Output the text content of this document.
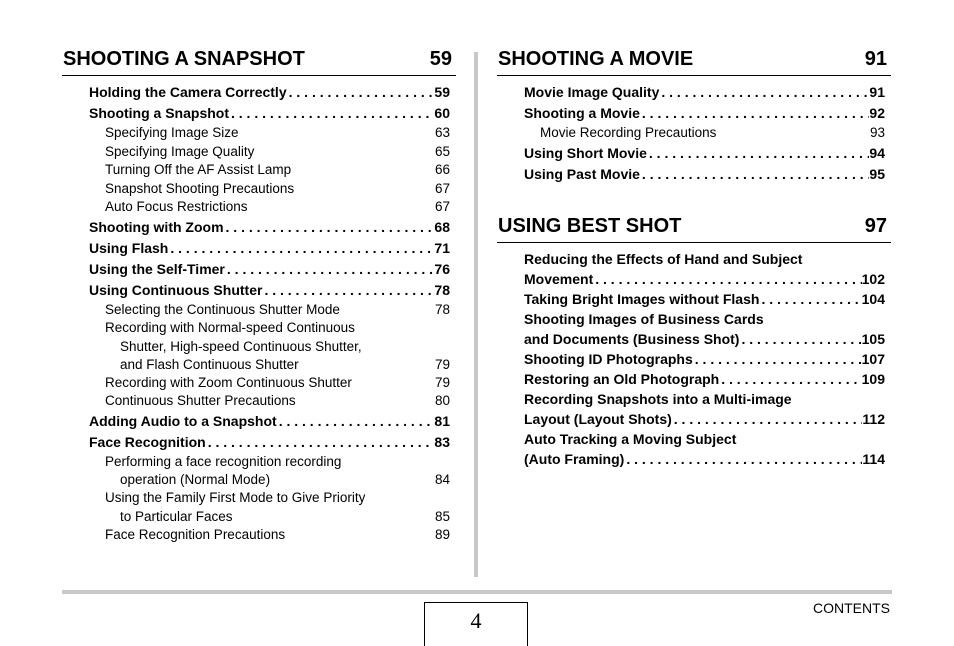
SHOOTING A SNAPSHOT	59
Holding the Camera Correctly . . .	59
Shooting a Snapshot . . .	60
Specifying Image Size	63
Specifying Image Quality	65
Turning Off the AF Assist Lamp	66
Snapshot Shooting Precautions	67
Auto Focus Restrictions	67
Shooting with Zoom . . .	68
Using Flash . . .	71
Using the Self-Timer . . .	76
Using Continuous Shutter . . .	78
Selecting the Continuous Shutter Mode	78
Recording with Normal-speed Continuous
Shutter, High-speed Continuous Shutter,
and Flash Continuous Shutter	79
Recording with Zoom Continuous Shutter	79
Continuous Shutter Precautions	80
Adding Audio to a Snapshot . . .	81
Face Recognition . . .	83
Performing a face recognition recording
operation (Normal Mode)	84
Using the Family First Mode to Give Priority
to Particular Faces	85
Face Recognition Precautions	89
SHOOTING A MOVIE	91
Movie Image Quality . . .	91
Shooting a Movie . . .	92
Movie Recording Precautions	93
Using Short Movie . . .	94
Using Past Movie . . .	95
USING BEST SHOT	97
Reducing the Effects of Hand and Subject
Movement . . .	102
Taking Bright Images without Flash . . .	104
Shooting Images of Business Cards
and Documents (Business Shot) . . .	105
Shooting ID Photographs . . .	107
Restoring an Old Photograph . . .	109
Recording Snapshots into a Multi-image
Layout (Layout Shots) . . .	112
Auto Tracking a Moving Subject
(Auto Framing) . . .	114
4	CONTENTS
